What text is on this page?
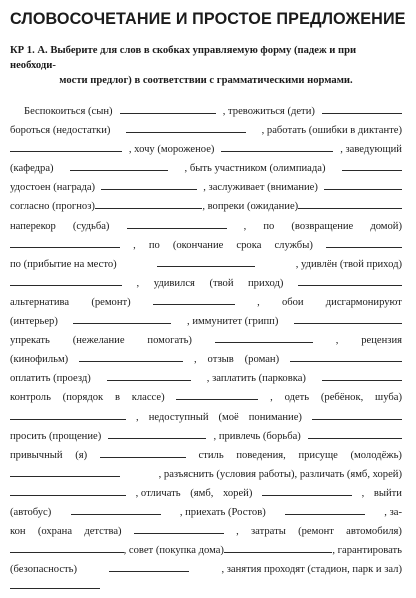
СЛОВОСОЧЕТАНИЕ И ПРОСТОЕ ПРЕДЛОЖЕНИЕ
КР 1. А. Выберите для слов в скобках управляемую форму (падеж и при необходи-
мости предлог) в соответствии с грамматическими нормами.
Беспокоиться (сын)	, тревожиться (дети)
бороться (недостатки)	, работать (ошибки в диктанте)
, хочу (мороженое)	, заведующий
(кафедра)	, быть участником (олимпиада)
удостоен (награда)	, заслуживает (внимание)
согласно (прогноз)	, вопреки (ожидание)
наперекор (судьба)	, по (возвращение домой)
, по (окончание срока службы)
по (прибытие на место)	, удивлён (твой приход)
, удивился (твой приход)
альтернатива (ремонт)	, обои дисгармонируют
(интерьер)	, иммунитет (грипп)
упрекать (нежелание помогать)	, рецензия
(кинофильм)	, отзыв (роман)
оплатить (проезд)	, заплатить (парковка)
контроль (порядок в классе)	, одеть (ребёнок, шуба)
, недоступный (моё понимание)
просить (прощение)	, привлечь (борьба)
привычный (я)	стиль поведения, присуще (молодёжь)
, разъяснить (условия работы), различать (ямб, хорей)
, отличать (ямб, хорей)	, выйти
(автобус)	, приехать (Ростов)	, за-
кон (охрана детства)	, затраты (ремонт автомобиля)
, совет (покупка дома)	, гарантировать
(безопасность)	, занятия проходят (стадион, парк и зал)
